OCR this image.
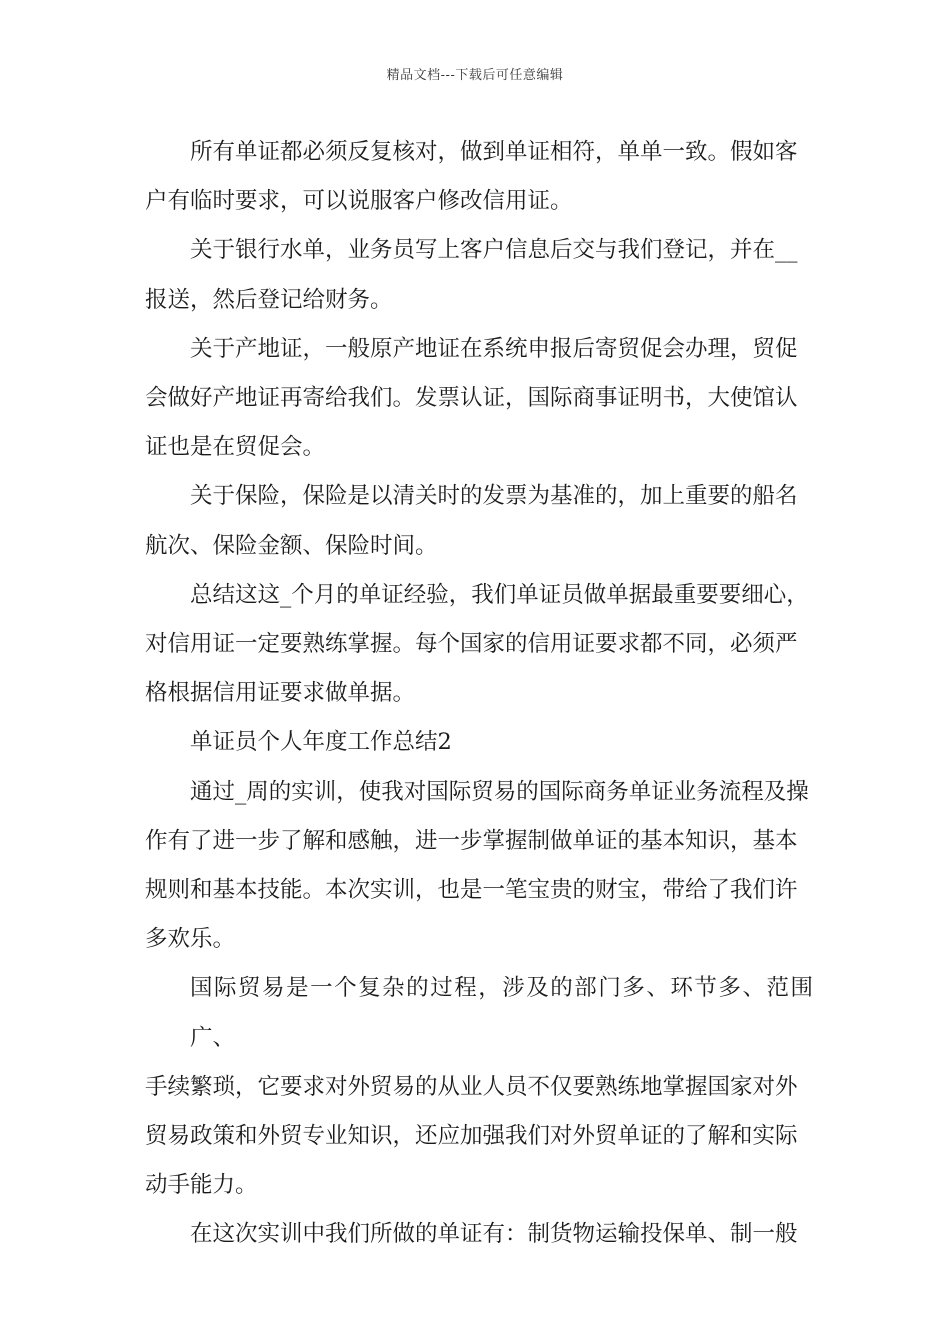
精品文档---下载后可任意编辑
所有单证都必须反复核对，做到单证相符，单单一致。假如客
户有临时要求，可以说服客户修改信用证。
关于银行水单，业务员写上客户信息后交与我们登记，并在__
报送，然后登记给财务。
关于产地证，一般原产地证在系统申报后寄贸促会办理，贸促
会做好产地证再寄给我们。发票认证，国际商事证明书，大使馆认
证也是在贸促会。
关于保险，保险是以清关时的发票为基准的，加上重要的船名
航次、保险金额、保险时间。
总结这这_个月的单证经验，我们单证员做单据最重要要细心，
对信用证一定要熟练掌握。每个国家的信用证要求都不同，必须严
格根据信用证要求做单据。
单证员个人年度工作总结2
通过_周的实训，使我对国际贸易的国际商务单证业务流程及操
作有了进一步了解和感触，进一步掌握制做单证的基本知识，基本
规则和基本技能。本次实训，也是一笔宝贵的财宝，带给了我们许
多欢乐。
国际贸易是一个复杂的过程，涉及的部门多、环节多、范围广、
手续繁琐，它要求对外贸易的从业人员不仅要熟练地掌握国家对外
贸易政策和外贸专业知识，还应加强我们对外贸单证的了解和实际
动手能力。
在这次实训中我们所做的单证有：制货物运输投保单、制一般
